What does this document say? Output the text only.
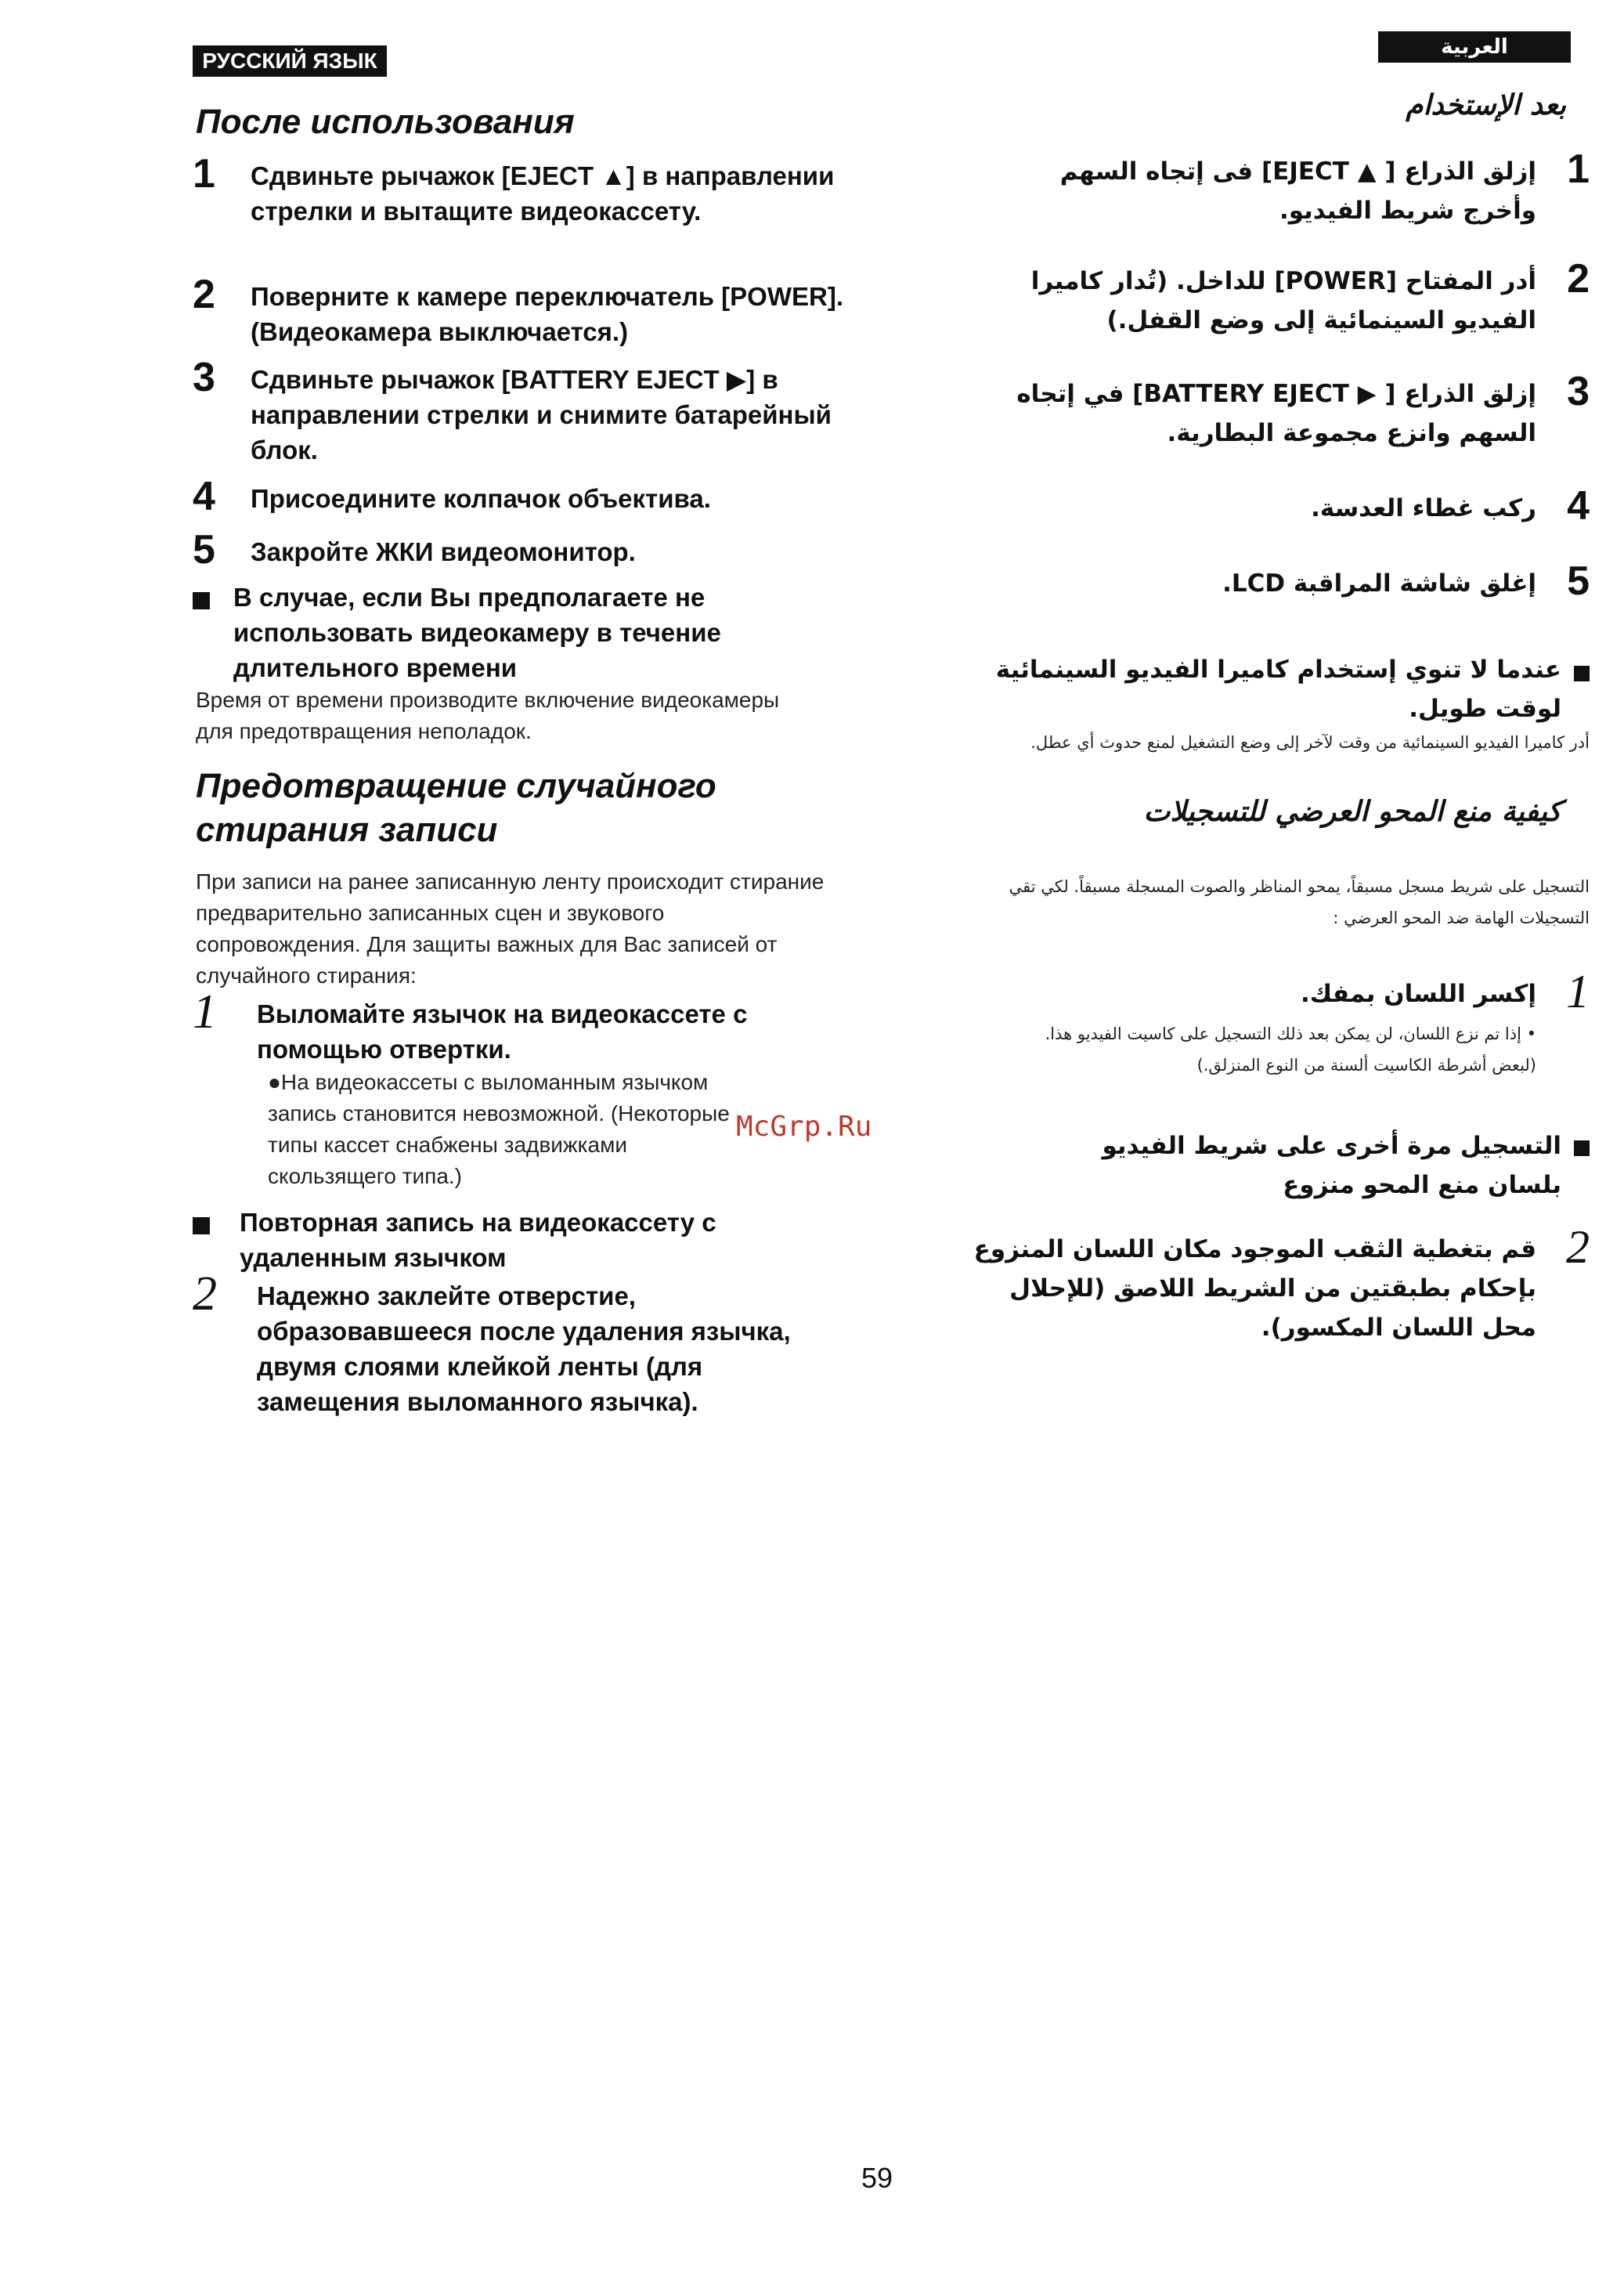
РУССКИЙ ЯЗЫК
العربية
После использования
1 Сдвиньте рычажок [EJECT ▲] в направлении стрелки и вытащите видеокассету.
2 Поверните к камере переключатель [POWER]. (Видеокамера выключается.)
3 Сдвиньте рычажок [BATTERY EJECT ▶] в направлении стрелки и снимите батарейный блок.
4 Присоедините колпачок объектива.
5 Закройте ЖКИ видеомонитор.
В случае, если Вы предполагаете не использовать видеокамеру в течение длительного времени
Время от времени производите включение видеокамеры для предотвращения неполадок.
Предотвращение случайного стирания записи
При записи на ранее записанную ленту происходит стирание предварительно записанных сцен и звукового сопровождения. Для защиты важных для Вас записей от случайного стирания:
1 Выломайте язычок на видеокассете с помощью отвертки.
●На видеокассеты с выломанным язычком запись становится невозможной. (Некоторые типы кассет снабжены задвижками скользящего типа.)
Повторная запись на видеокассету с удаленным язычком
2 Надежно заклейте отверстие, образовавшееся после удаления язычка, двумя слоями клейкой ленты (для замещения выломанного язычка).
بعد الإستخدام
1
إزلق الذراع [ ▲ EJECT] فى إتجاه السهم وأخرج شريط الفيديو.
2
أدر المفتاح [POWER] للداخل. (تُدار كاميرا الفيديو السينمائية إلى وضع القفل.)
3
إزلق الذراع [ ▶ BATTERY EJECT] في إتجاه السهم وانزع مجموعة البطارية.
4
ركب غطاء العدسة.
5
إغلق شاشة المراقبة LCD.
عندما لا تنوي إستخدام كاميرا الفيديو السينمائية لوقت طويل.
أدر كاميرا الفيديو السينمائية من وقت لآخر إلى وضع التشغيل لمنع حدوث أي عطل.
كيفية منع المحو العرضي للتسجيلات
التسجيل على شريط مسجل مسبقاً، يمحو المناظر والصوت المسجلة مسبقاً. لكي تقي التسجيلات الهامة ضد المحو العرضي :
1
إكسر اللسان بمفك.
• إذا تم نزع اللسان، لن يمكن بعد ذلك التسجيل على كاسيت الفيديو هذا. (لبعض أشرطة الكاسيت ألسنة من النوع المنزلق.)
التسجيل مرة أخرى على شريط الفيديو بلسان منع المحو منزوع
2
قم بتغطية الثقب الموجود مكان اللسان المنزوع بإحكام بطبقتين من الشريط اللاصق (للإحلال محل اللسان المكسور).
McGrp.Ru
59
